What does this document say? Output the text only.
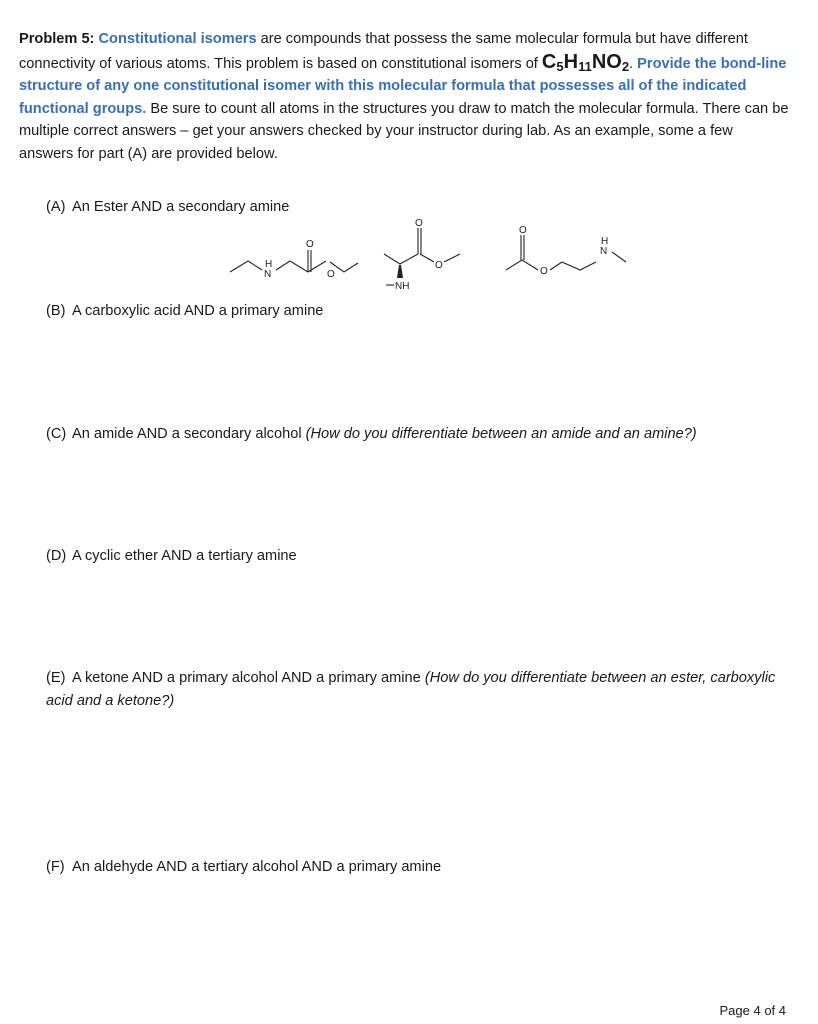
Problem 5: Constitutional isomers are compounds that possess the same molecular formula but have different connectivity of various atoms. This problem is based on constitutional isomers of $C_5H_{11}NO_2$. Provide the bond-line structure of any one constitutional isomer with this molecular formula that possesses all of the indicated functional groups. Be sure to count all atoms in the structures you draw to match the molecular formula. There can be multiple correct answers – get your answers checked by your instructor during lab. As an example, some a few answers for part (A) are provided below.
(A) An Ester AND a secondary amine
H
N
O
O
O
O
NH
O
O
H
N
(B) A carboxylic acid AND a primary amine
(C) An amide AND a secondary alcohol (How do you differentiate between an amide and an amine?)
(D) A cyclic ether AND a tertiary amine
(E) A ketone AND a primary alcohol AND a primary amine (How do you differentiate between an ester, carboxylic acid and a ketone?)
(F) An aldehyde AND a tertiary alcohol AND a primary amine
Page 4 of 4
